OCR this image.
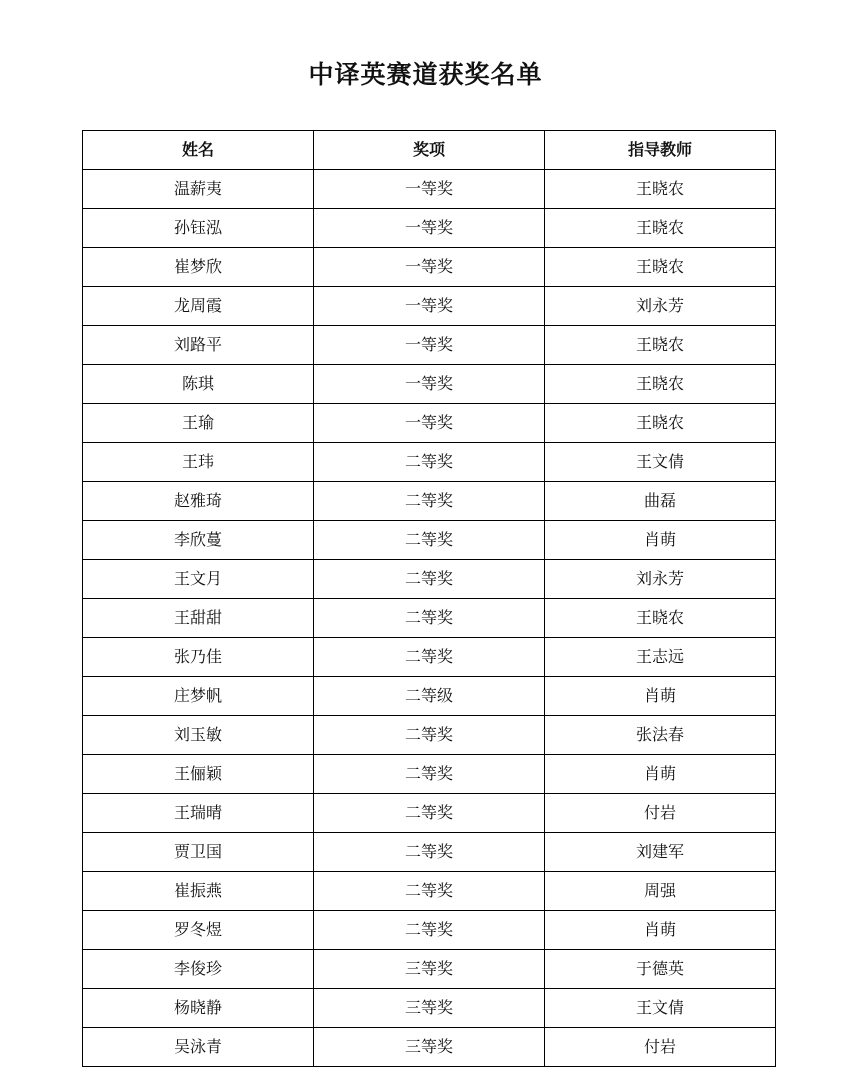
中译英赛道获奖名单
姓名	奖项	指导教师
温薪夷	一等奖	王晓农
孙钰泓	一等奖	王晓农
崔梦欣	一等奖	王晓农
龙周霞	一等奖	刘永芳
刘路平	一等奖	王晓农
陈琪	一等奖	王晓农
王瑜	一等奖	王晓农
王玮	二等奖	王文倩
赵雅琦	二等奖	曲磊
李欣蔓	二等奖	肖萌
王文月	二等奖	刘永芳
王甜甜	二等奖	王晓农
张乃佳	二等奖	王志远
庄梦帆	二等级	肖萌
刘玉敏	二等奖	张法春
王俪颖	二等奖	肖萌
王瑞晴	二等奖	付岩
贾卫国	二等奖	刘建军
崔振燕	二等奖	周强
罗冬煜	二等奖	肖萌
李俊珍	三等奖	于德英
杨晓静	三等奖	王文倩
吴泳青	三等奖	付岩
